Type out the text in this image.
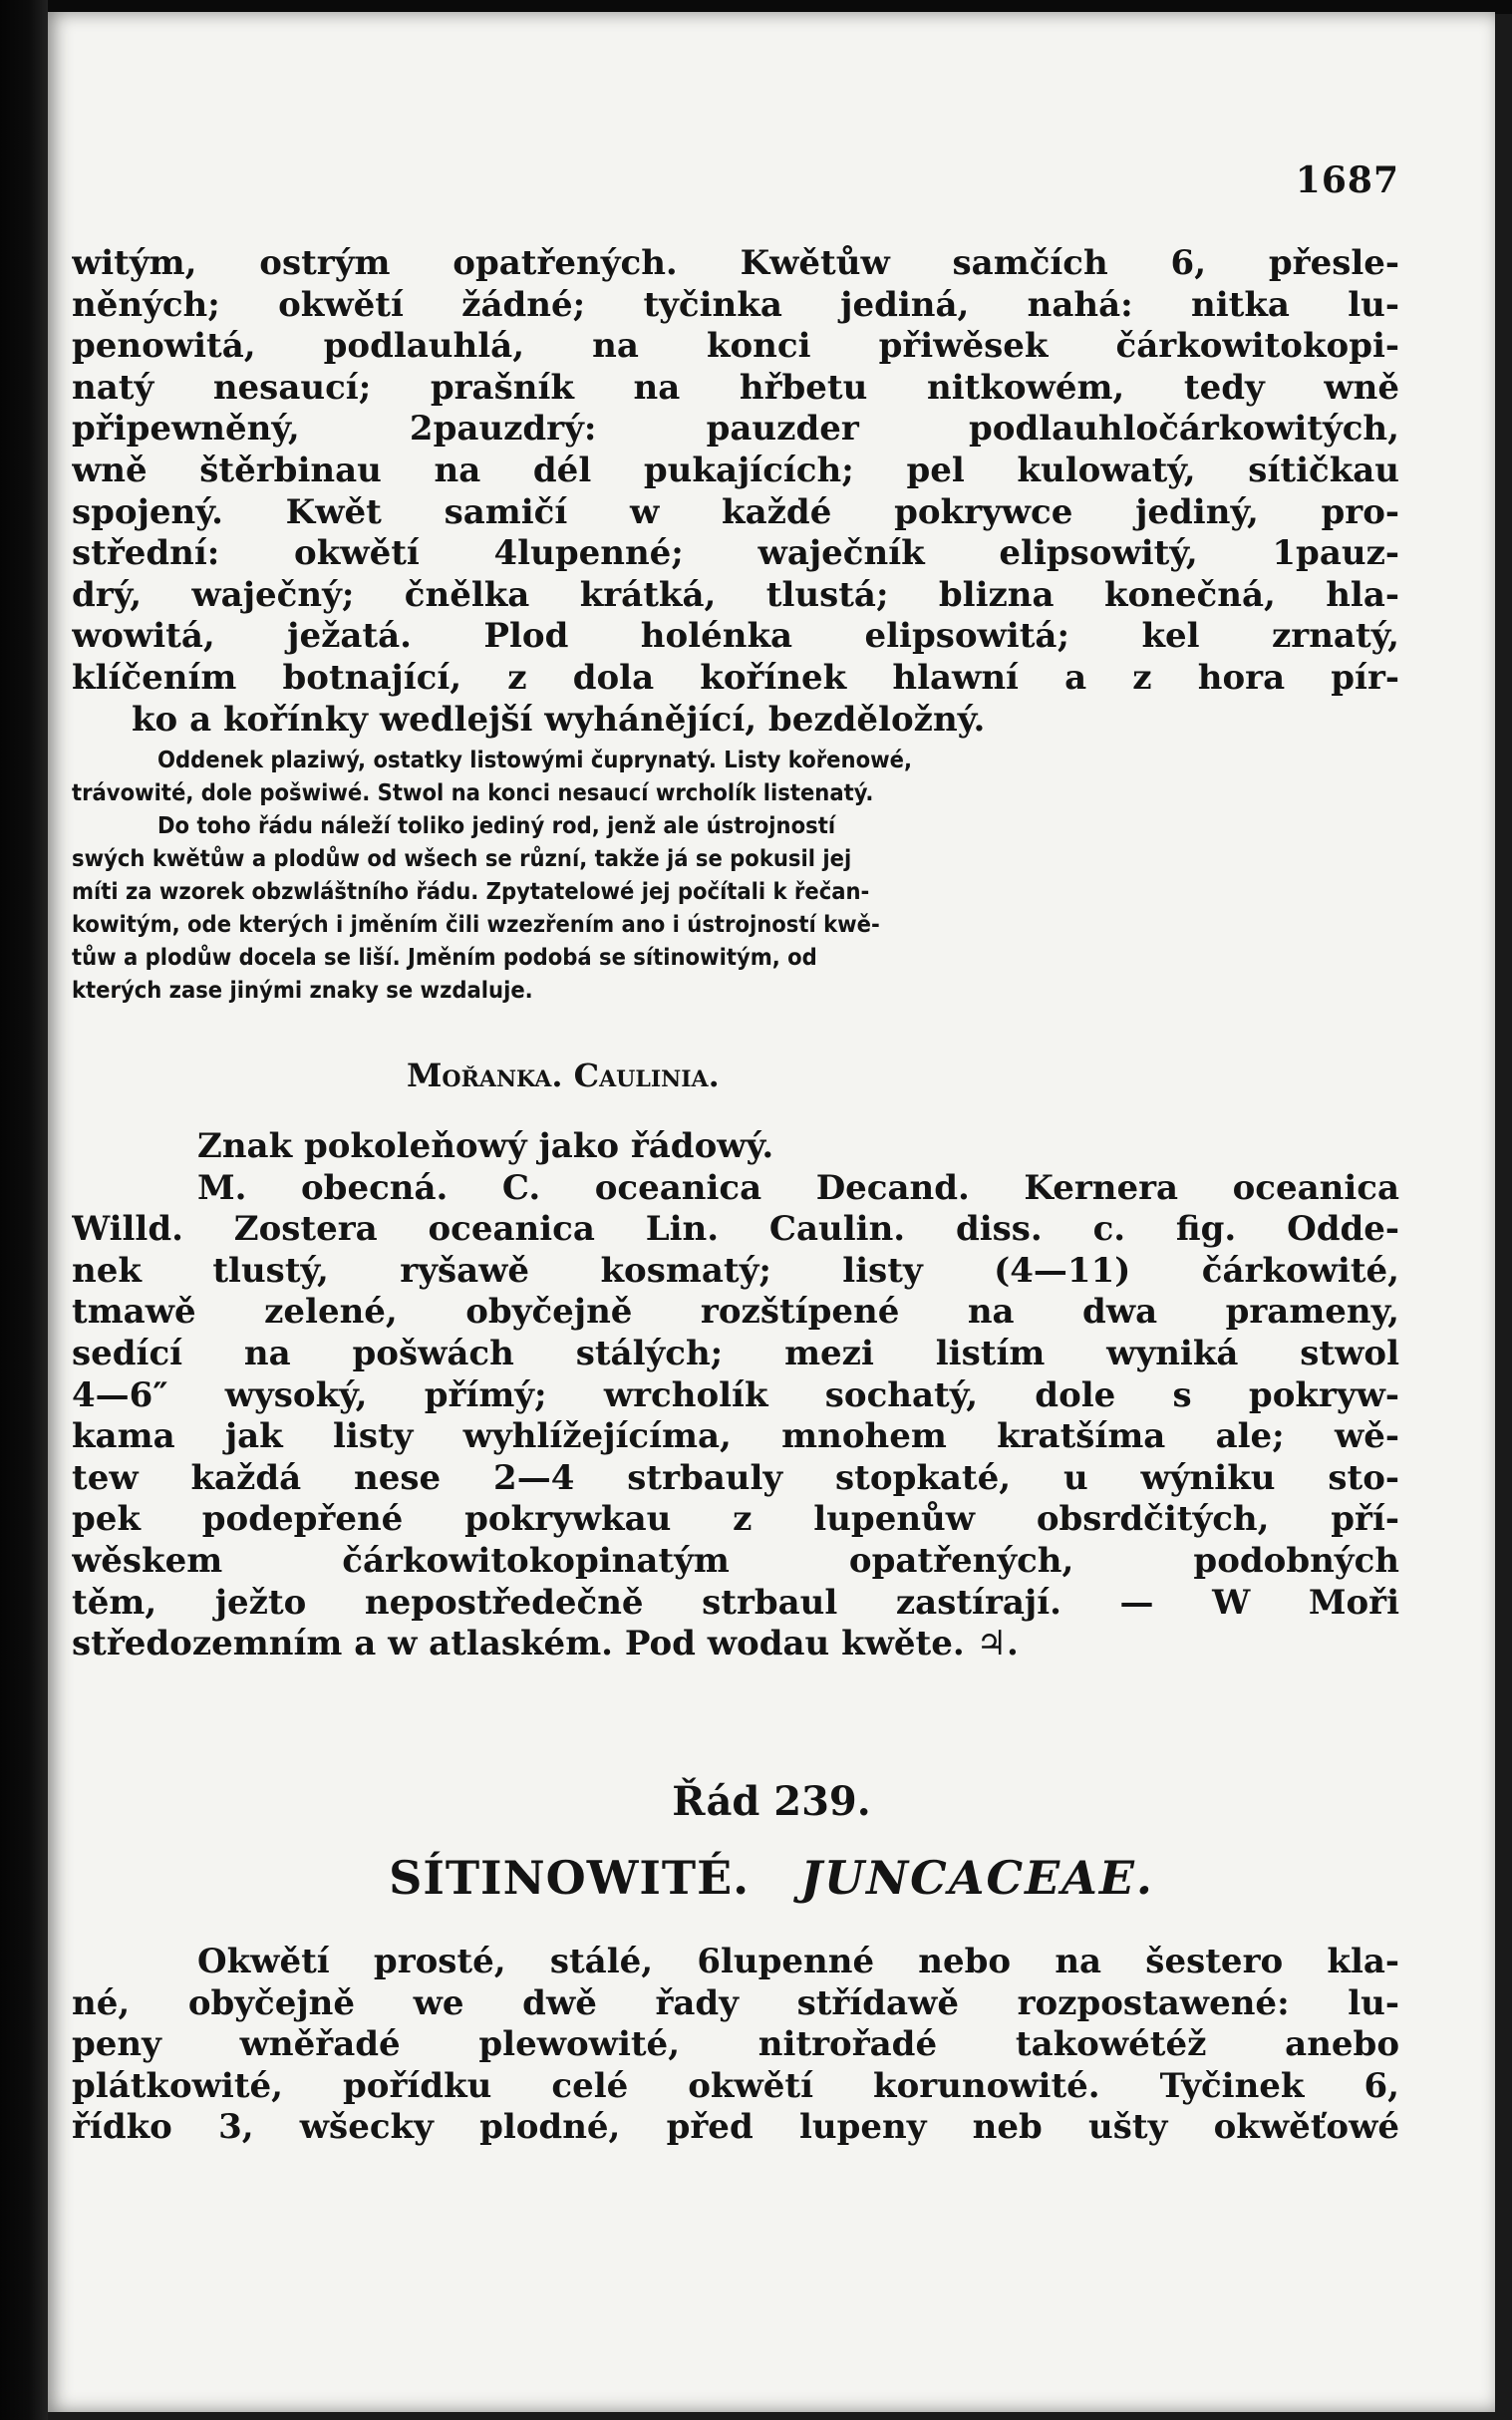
1687
witým, ostrým opatřených. Kwětůw samčích 6, přesle-
něných; okwětí žádné; tyčinka jediná, nahá: nitka lu-
penowitá, podlauhlá, na konci přiwěsek čárkowitokopi-
natý nesaucí; prašník na hřbetu nitkowém, tedy wně
připewněný, 2pauzdrý: pauzder podlauhločárkowitých,
wně štěrbinau na dél pukajících; pel kulowatý, sítičkau
spojený. Kwět samičí w každé pokrywce jediný, pro-
střední: okwětí 4lupenné; waječník elipsowitý, 1pauz-
drý, waječný; čnělka krátká, tlustá; blizna konečná, hla-
wowitá, ježatá. Plod holénka elipsowitá; kel zrnatý,
klíčením botnající, z dola kořínek hlawní a z hora pír-
ko a kořínky wedlejší wyhánějící, bezděložný.
Oddenek plaziwý, ostatky listowými čuprynatý. Listy kořenowé,
trávowité, dole pošwiwé. Stwol na konci nesaucí wrcholík listenatý.
Do toho řádu náleží toliko jediný rod, jenž ale ústrojností
swých kwětůw a plodůw od wšech se různí, takže já se pokusil jej
míti za wzorek obzwláštního řádu. Zpytatelowé jej počítali k řečan-
kowitým, ode kterých i jměním čili wzezřením ano i ústrojností kwě-
tůw a plodůw docela se liší. Jměním podobá se sítinowitým, od
kterých zase jinými znaky se wzdaluje.
Mořanka. Caulinia.
Znak pokoleňowý jako řádowý.
M. obecná. C. oceanica Decand. Kernera oceanica
Willd. Zostera oceanica Lin. Caulin. diss. c. fig. Odde-
nek tlustý, ryšawě kosmatý; listy (4—11) čárkowité,
tmawě zelené, obyčejně rozštípené na dwa prameny,
sedící na pošwách stálých; mezi listím wyniká stwol
4—6″ wysoký, přímý; wrcholík sochatý, dole s pokryw-
kama jak listy wyhlížejícíma, mnohem kratšíma ale; wě-
tew každá nese 2—4 strbauly stopkaté, u wýniku sto-
pek podepřené pokrywkau z lupenůw obsrdčitých, pří-
wěskem čárkowitokopinatým opatřených, podobných
těm, ježto nepostředečně strbaul zastírají. — W Moři
středozemním a w atlaském. Pod wodau kwěte. ♃.
Řád 239.
SÍTINOWITÉ. JUNCACEAE.
Okwětí prosté, stálé, 6lupenné nebo na šestero kla-
né, obyčejně we dwě řady střídawě rozpostawené: lu-
peny wněřadé plewowité, nitrořadé takowétéž anebo
plátkowité, pořídku celé okwětí korunowité. Tyčinek 6,
řídko 3, wšecky plodné, před lupeny neb ušty okwěťowé
